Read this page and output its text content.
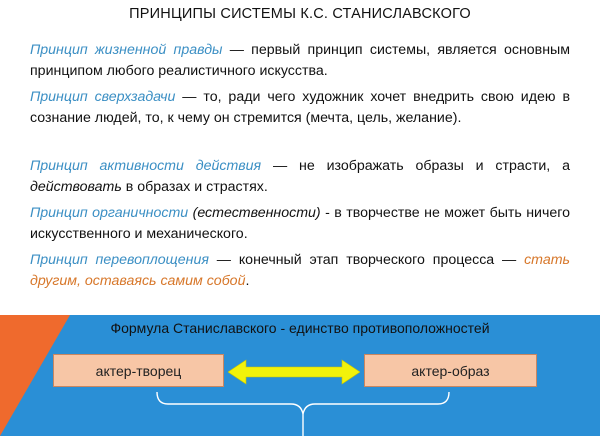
ПРИНЦИПЫ СИСТЕМЫ К.С. СТАНИСЛАВСКОГО
Принцип жизненной правды — первый принцип системы, является основным принципом любого реалистичного искусства.
Принцип сверхзадачи — то, ради чего художник хочет внедрить свою идею в сознание людей, то, к чему он стремится (мечта, цель, желание).
Принцип активности действия — не изображать образы и страсти, а действовать в образах и страстях.
Принцип органичности (естественности) - в творчестве не может быть ничего искусственного и механического.
Принцип перевоплощения — конечный этап творческого процесса — стать другим, оставаясь самим собой.
Формула Станиславского - единство противоположностей
актер-творец	актер-образ
